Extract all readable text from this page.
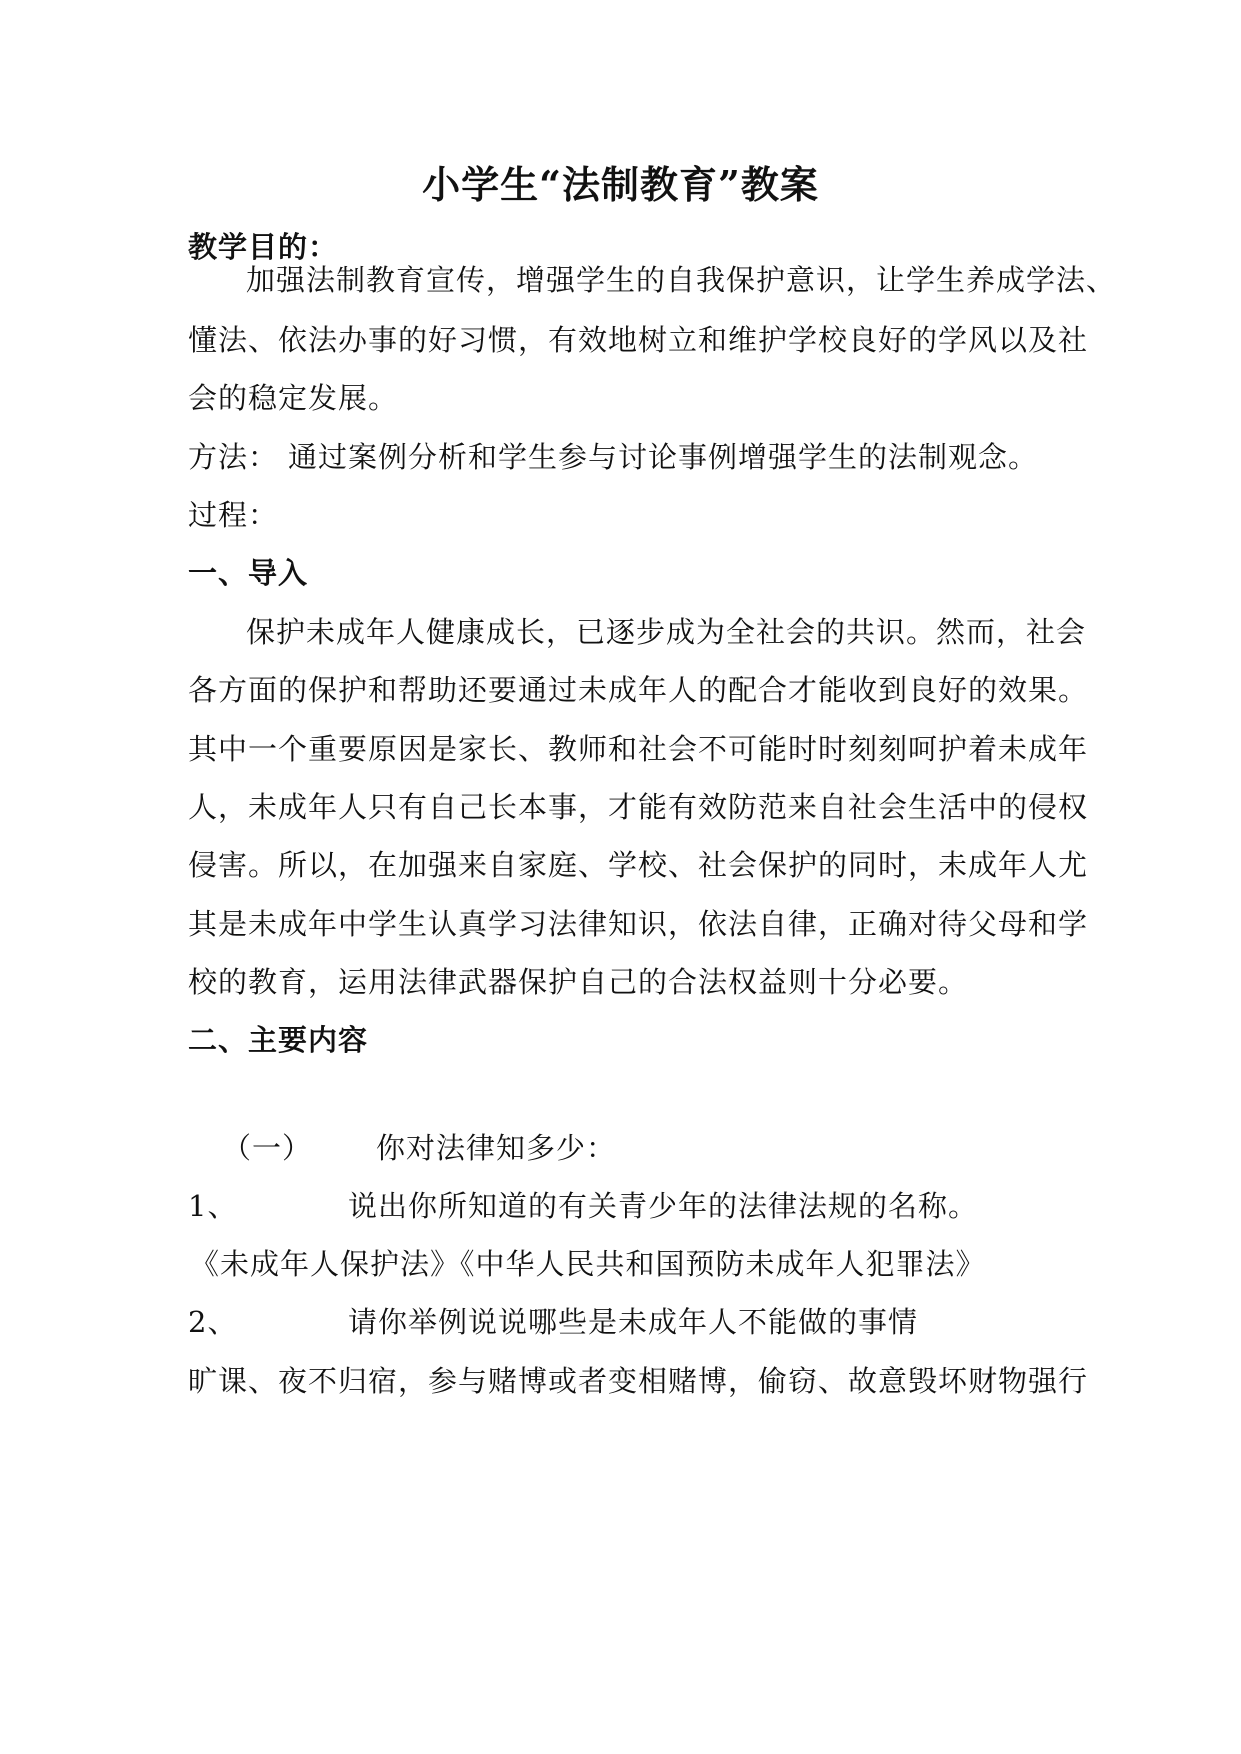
小学生“法制教育”教案
教学目的：
加强法制教育宣传，增强学生的自我保护意识，让学生养成学法、
懂法、依法办事的好习惯，有效地树立和维护学校良好的学风以及社
会的稳定发展。
方法： 通过案例分析和学生参与讨论事例增强学生的法制观念。
过程：
一、导入
保护未成年人健康成长，已逐步成为全社会的共识。然而，社会
各方面的保护和帮助还要通过未成年人的配合才能收到良好的效果。
其中一个重要原因是家长、教师和社会不可能时时刻刻呵护着未成年
人，未成年人只有自己长本事，才能有效防范来自社会生活中的侵权
侵害。所以，在加强来自家庭、学校、社会保护的同时，未成年人尤
其是未成年中学生认真学习法律知识，依法自律，正确对待父母和学
校的教育，运用法律武器保护自己的合法权益则十分必要。
二、主要内容
（一） 你对法律知多少：
1、	说出你所知道的有关青少年的法律法规的名称。
《未成年人保护法》《中华人民共和国预防未成年人犯罪法》
2、	请你举例说说哪些是未成年人不能做的事情
旷课、夜不归宿，参与赌博或者变相赌博，偷窃、故意毁坏财物强行
